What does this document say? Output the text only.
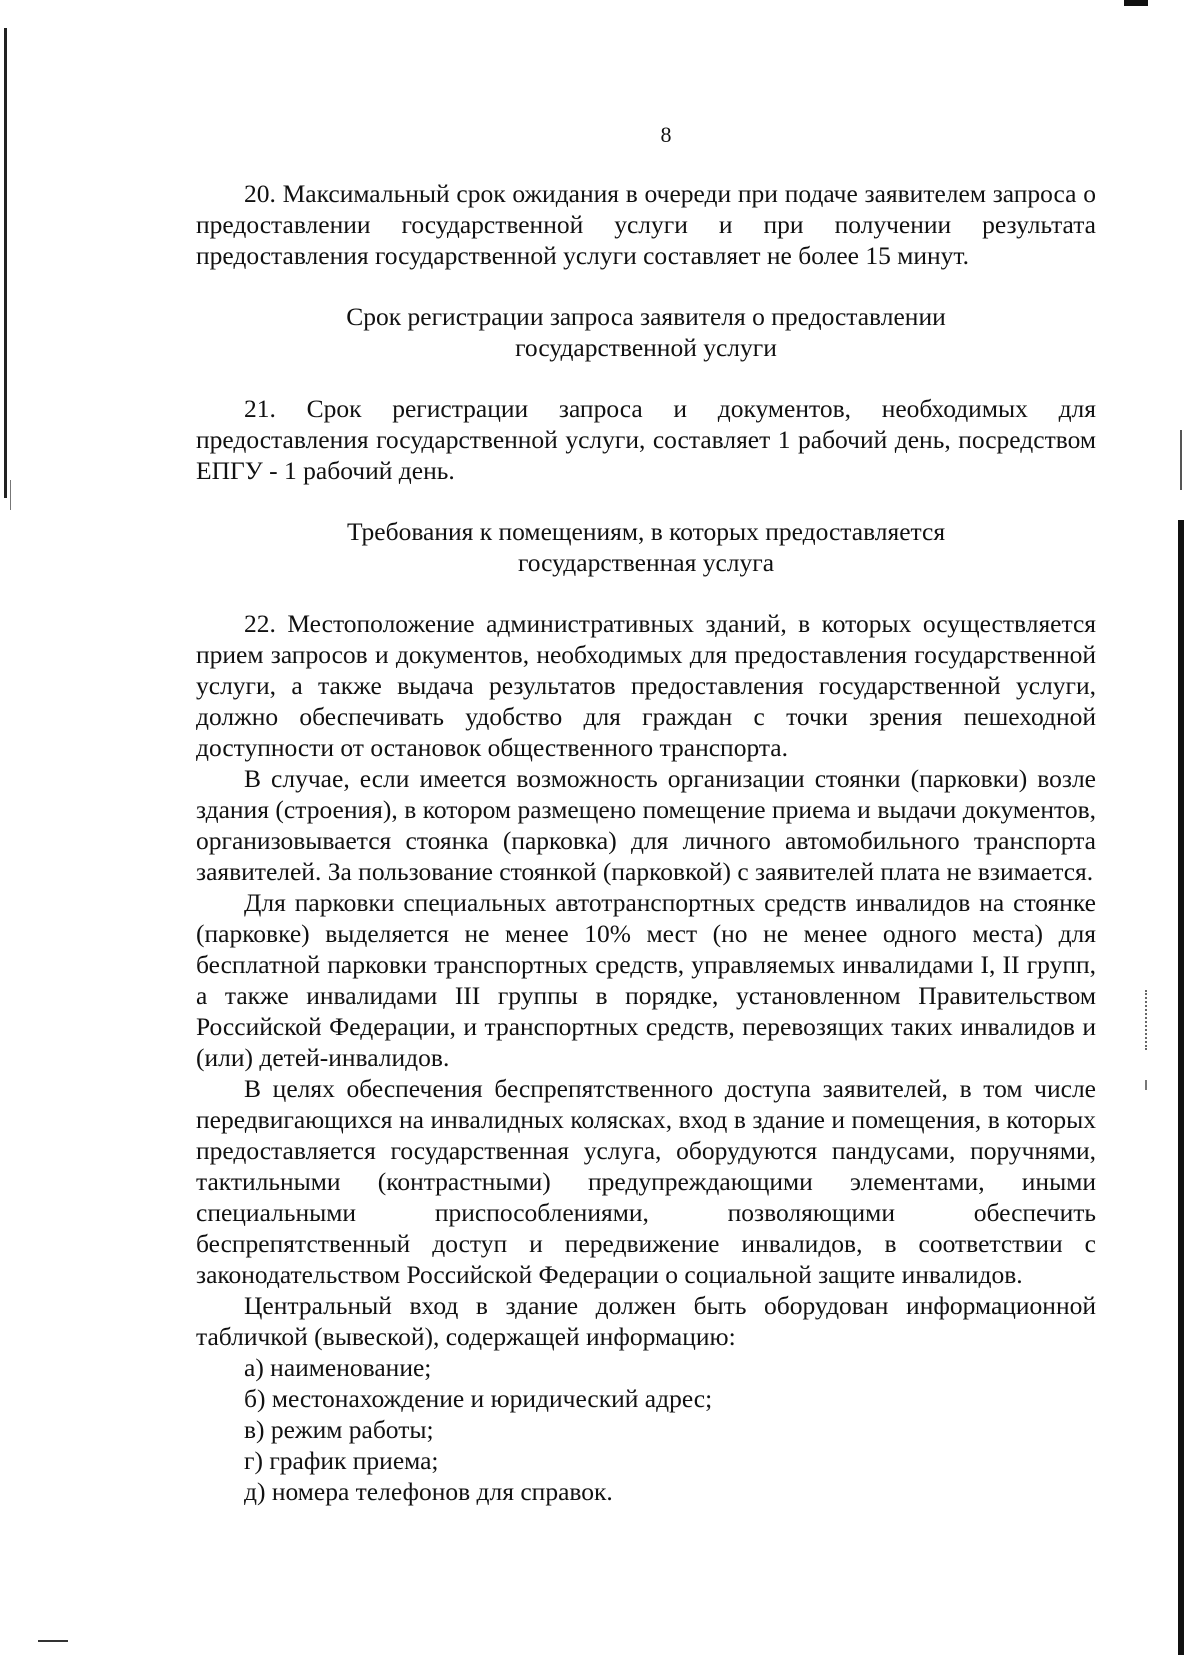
8

20. Максимальный срок ожидания в очереди при подаче заявителем запроса о предоставлении государственной услуги и при получении результата предоставления государственной услуги составляет не более 15 минут.

Срок регистрации запроса заявителя о предоставлении
государственной услуги

21. Срок регистрации запроса и документов, необходимых для предоставления государственной услуги, составляет 1 рабочий день, посредством ЕПГУ - 1 рабочий день.

Требования к помещениям, в которых предоставляется
государственная услуга

22. Местоположение административных зданий, в которых осуществляется прием запросов и документов, необходимых для предоставления государственной услуги, а также выдача результатов предоставления государственной услуги, должно обеспечивать удобство для граждан с точки зрения пешеходной доступности от остановок общественного транспорта.

В случае, если имеется возможность организации стоянки (парковки) возле здания (строения), в котором размещено помещение приема и выдачи документов, организовывается стоянка (парковка) для личного автомобильного транспорта заявителей. За пользование стоянкой (парковкой) с заявителей плата не взимается.

Для парковки специальных автотранспортных средств инвалидов на стоянке (парковке) выделяется не менее 10% мест (но не менее одного места) для бесплатной парковки транспортных средств, управляемых инвалидами I, II групп, а также инвалидами III группы в порядке, установленном Правительством Российской Федерации, и транспортных средств, перевозящих таких инвалидов и (или) детей-инвалидов.

В целях обеспечения беспрепятственного доступа заявителей, в том числе передвигающихся на инвалидных колясках, вход в здание и помещения, в которых предоставляется государственная услуга, оборудуются пандусами, поручнями, тактильными (контрастными) предупреждающими элементами, иными специальными приспособлениями, позволяющими обеспечить беспрепятственный доступ и передвижение инвалидов, в соответствии с законодательством Российской Федерации о социальной защите инвалидов.

Центральный вход в здание должен быть оборудован информационной табличкой (вывеской), содержащей информацию:

а) наименование;
б) местонахождение и юридический адрес;
в) режим работы;
г) график приема;
д) номера телефонов для справок.
